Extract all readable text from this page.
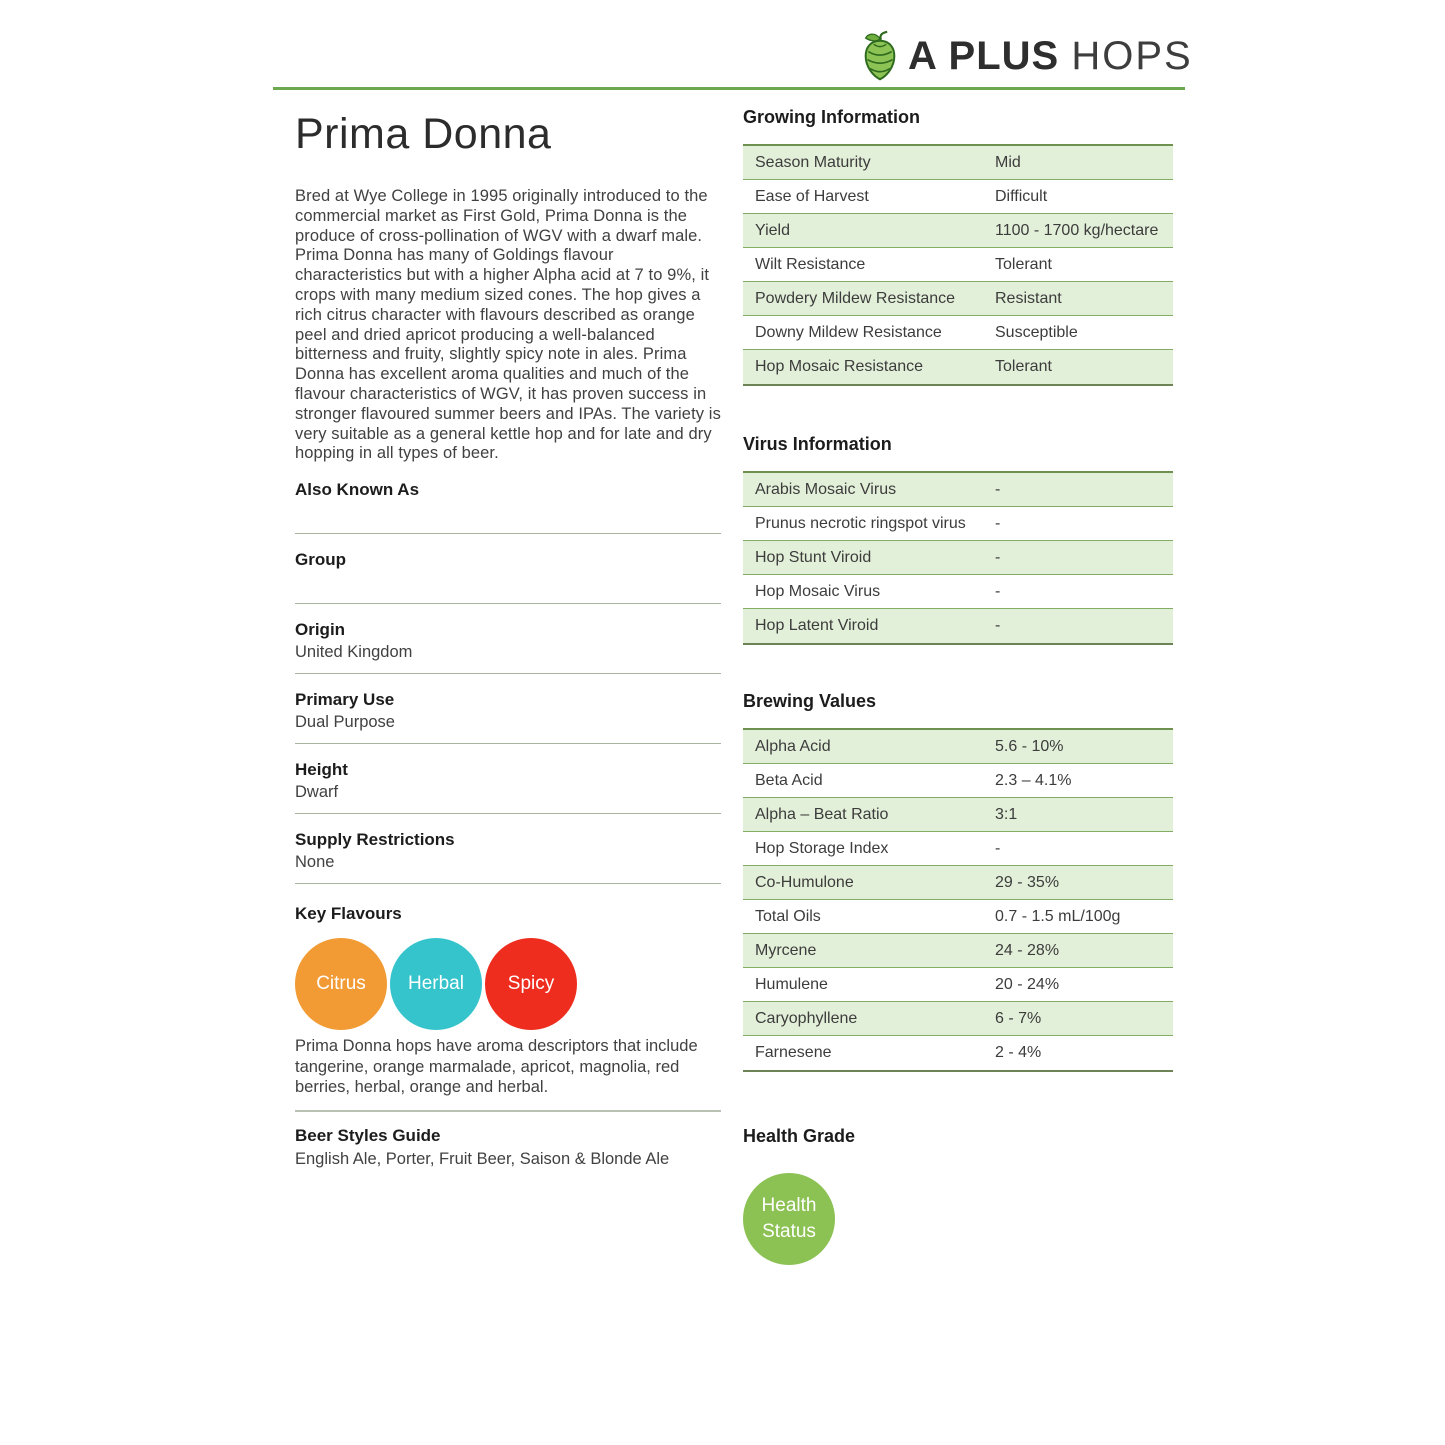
A PLUS HOPS
Prima Donna

Bred at Wye College in 1995 originally introduced to the commercial market as First Gold, Prima Donna is the produce of cross-pollination of WGV with a dwarf male. Prima Donna has many of Goldings flavour characteristics but with a higher Alpha acid at 7 to 9%, it crops with many medium sized cones. The hop gives a rich citrus character with flavours described as orange peel and dried apricot producing a well-balanced bitterness and fruity, slightly spicy note in ales. Prima Donna has excellent aroma qualities and much of the flavour characteristics of WGV, it has proven success in stronger flavoured summer beers and IPAs. The variety is very suitable as a general kettle hop and for late and dry hopping in all types of beer.

Also Known As
Group
Origin
United Kingdom
Primary Use
Dual Purpose
Height
Dwarf
Supply Restrictions
None
Key Flavours
Citrus Herbal Spicy

Prima Donna hops have aroma descriptors that include tangerine, orange marmalade, apricot, magnolia, red berries, herbal, orange and herbal.

Beer Styles Guide
English Ale, Porter, Fruit Beer, Saison & Blonde Ale
Growing Information
Season Maturity	Mid
Ease of Harvest	Difficult
Yield	1100 - 1700 kg/hectare
Wilt Resistance	Tolerant
Powdery Mildew Resistance	Resistant
Downy Mildew Resistance	Susceptible
Hop Mosaic Resistance	Tolerant
Virus Information
Arabis Mosaic Virus	-
Prunus necrotic ringspot virus	-
Hop Stunt Viroid	-
Hop Mosaic Virus	-
Hop Latent Viroid	-
Brewing Values
Alpha Acid	5.6 - 10%
Beta Acid	2.3 – 4.1%
Alpha – Beat Ratio	3:1
Hop Storage Index	-
Co-Humulone	29 - 35%
Total Oils	0.7 - 1.5 mL/100g
Myrcene	24 - 28%
Humulene	20 - 24%
Caryophyllene	6 - 7%
Farnesene	2 - 4%
Health Grade
Health Status
